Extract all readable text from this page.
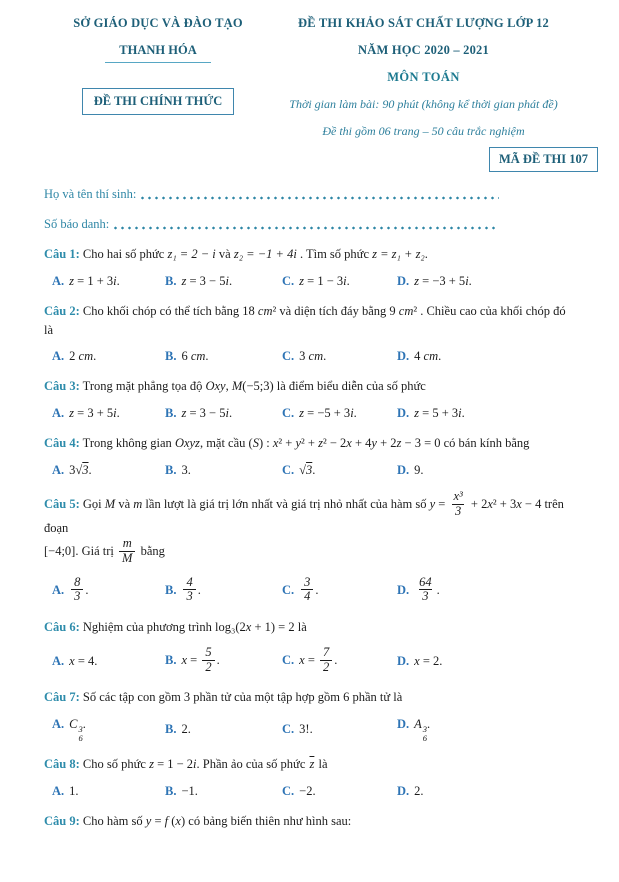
SỞ GIÁO DỤC VÀ ĐÀO TẠO
THANH HÓA
ĐỀ THI CHÍNH THỨC
ĐỀ THI KHẢO SÁT CHẤT LƯỢNG LỚP 12
NĂM HỌC 2020 – 2021
MÔN TOÁN
Thời gian làm bài: 90 phút (không kể thời gian phát đề)
Đề thi gồm 06 trang – 50 câu trắc nghiệm
MÃ ĐỀ THI 107
Họ và tên thí sinh:
Số báo danh:

Câu 1: Cho hai số phức z₁ = 2 − i và z₂ = −1 + 4i . Tìm số phức z = z₁ + z₂.

A. z = 1 + 3i.	B. z = 3 − 5i.	C. z = 1 − 3i.	D. z = −3 + 5i.

Câu 2: Cho khối chóp có thể tích bằng 18 cm² và diện tích đáy bằng 9 cm² . Chiều cao của khối chóp đó là

A. 2 cm.	B. 6 cm.	C. 3 cm.	D. 4 cm.

Câu 3: Trong mặt phẳng tọa độ Oxy, M(−5;3) là điểm biểu diễn của số phức

A. z = 3 + 5i.	B. z = 3 − 5i.	C. z = −5 + 3i.	D. z = 5 + 3i.

Câu 4: Trong không gian Oxyz, mặt cầu (S) : x² + y² + z² − 2x + 4y + 2z − 3 = 0 có bán kính bằng

A. 3√3.	B. 3.	C. √3.	D. 9.

Câu 5: Gọi M và m lần lượt là giá trị lớn nhất và giá trị nhỏ nhất của hàm số $y = \frac{\text{x³}}{3} + 2x^2 + 3x - 4$ trên đoạn
[−4;0]. Giá trị $\frac{m}{M}$ bằng

A. $\frac{8}{3}$ .	B. $\frac{4}{3}$ .	C. $\frac{3}{4}$ .	D. $\frac{64}{3}$ .

Câu 6: Nghiệm của phương trình log₃(2x + 1) = 2 là

A. x = 4.	B. $x = \frac{5}{2}$ .	C. $x = \frac{7}{2}$ .	D. x = 2.

Câu 7: Số các tập con gồm 3 phần tử của một tập hợp gồm 6 phần tử là

A. C 3
6
.	B. 2.	C. 3!.	D. A 3
6
.

Câu 8: Cho số phức z = 1 − 2i. Phần ảo của số phức $\overline{z}$ là

A. 1.	B. −1.	C. −2.	D. 2.

Câu 9: Cho hàm số y = f (x) có bảng biến thiên như hình sau:
